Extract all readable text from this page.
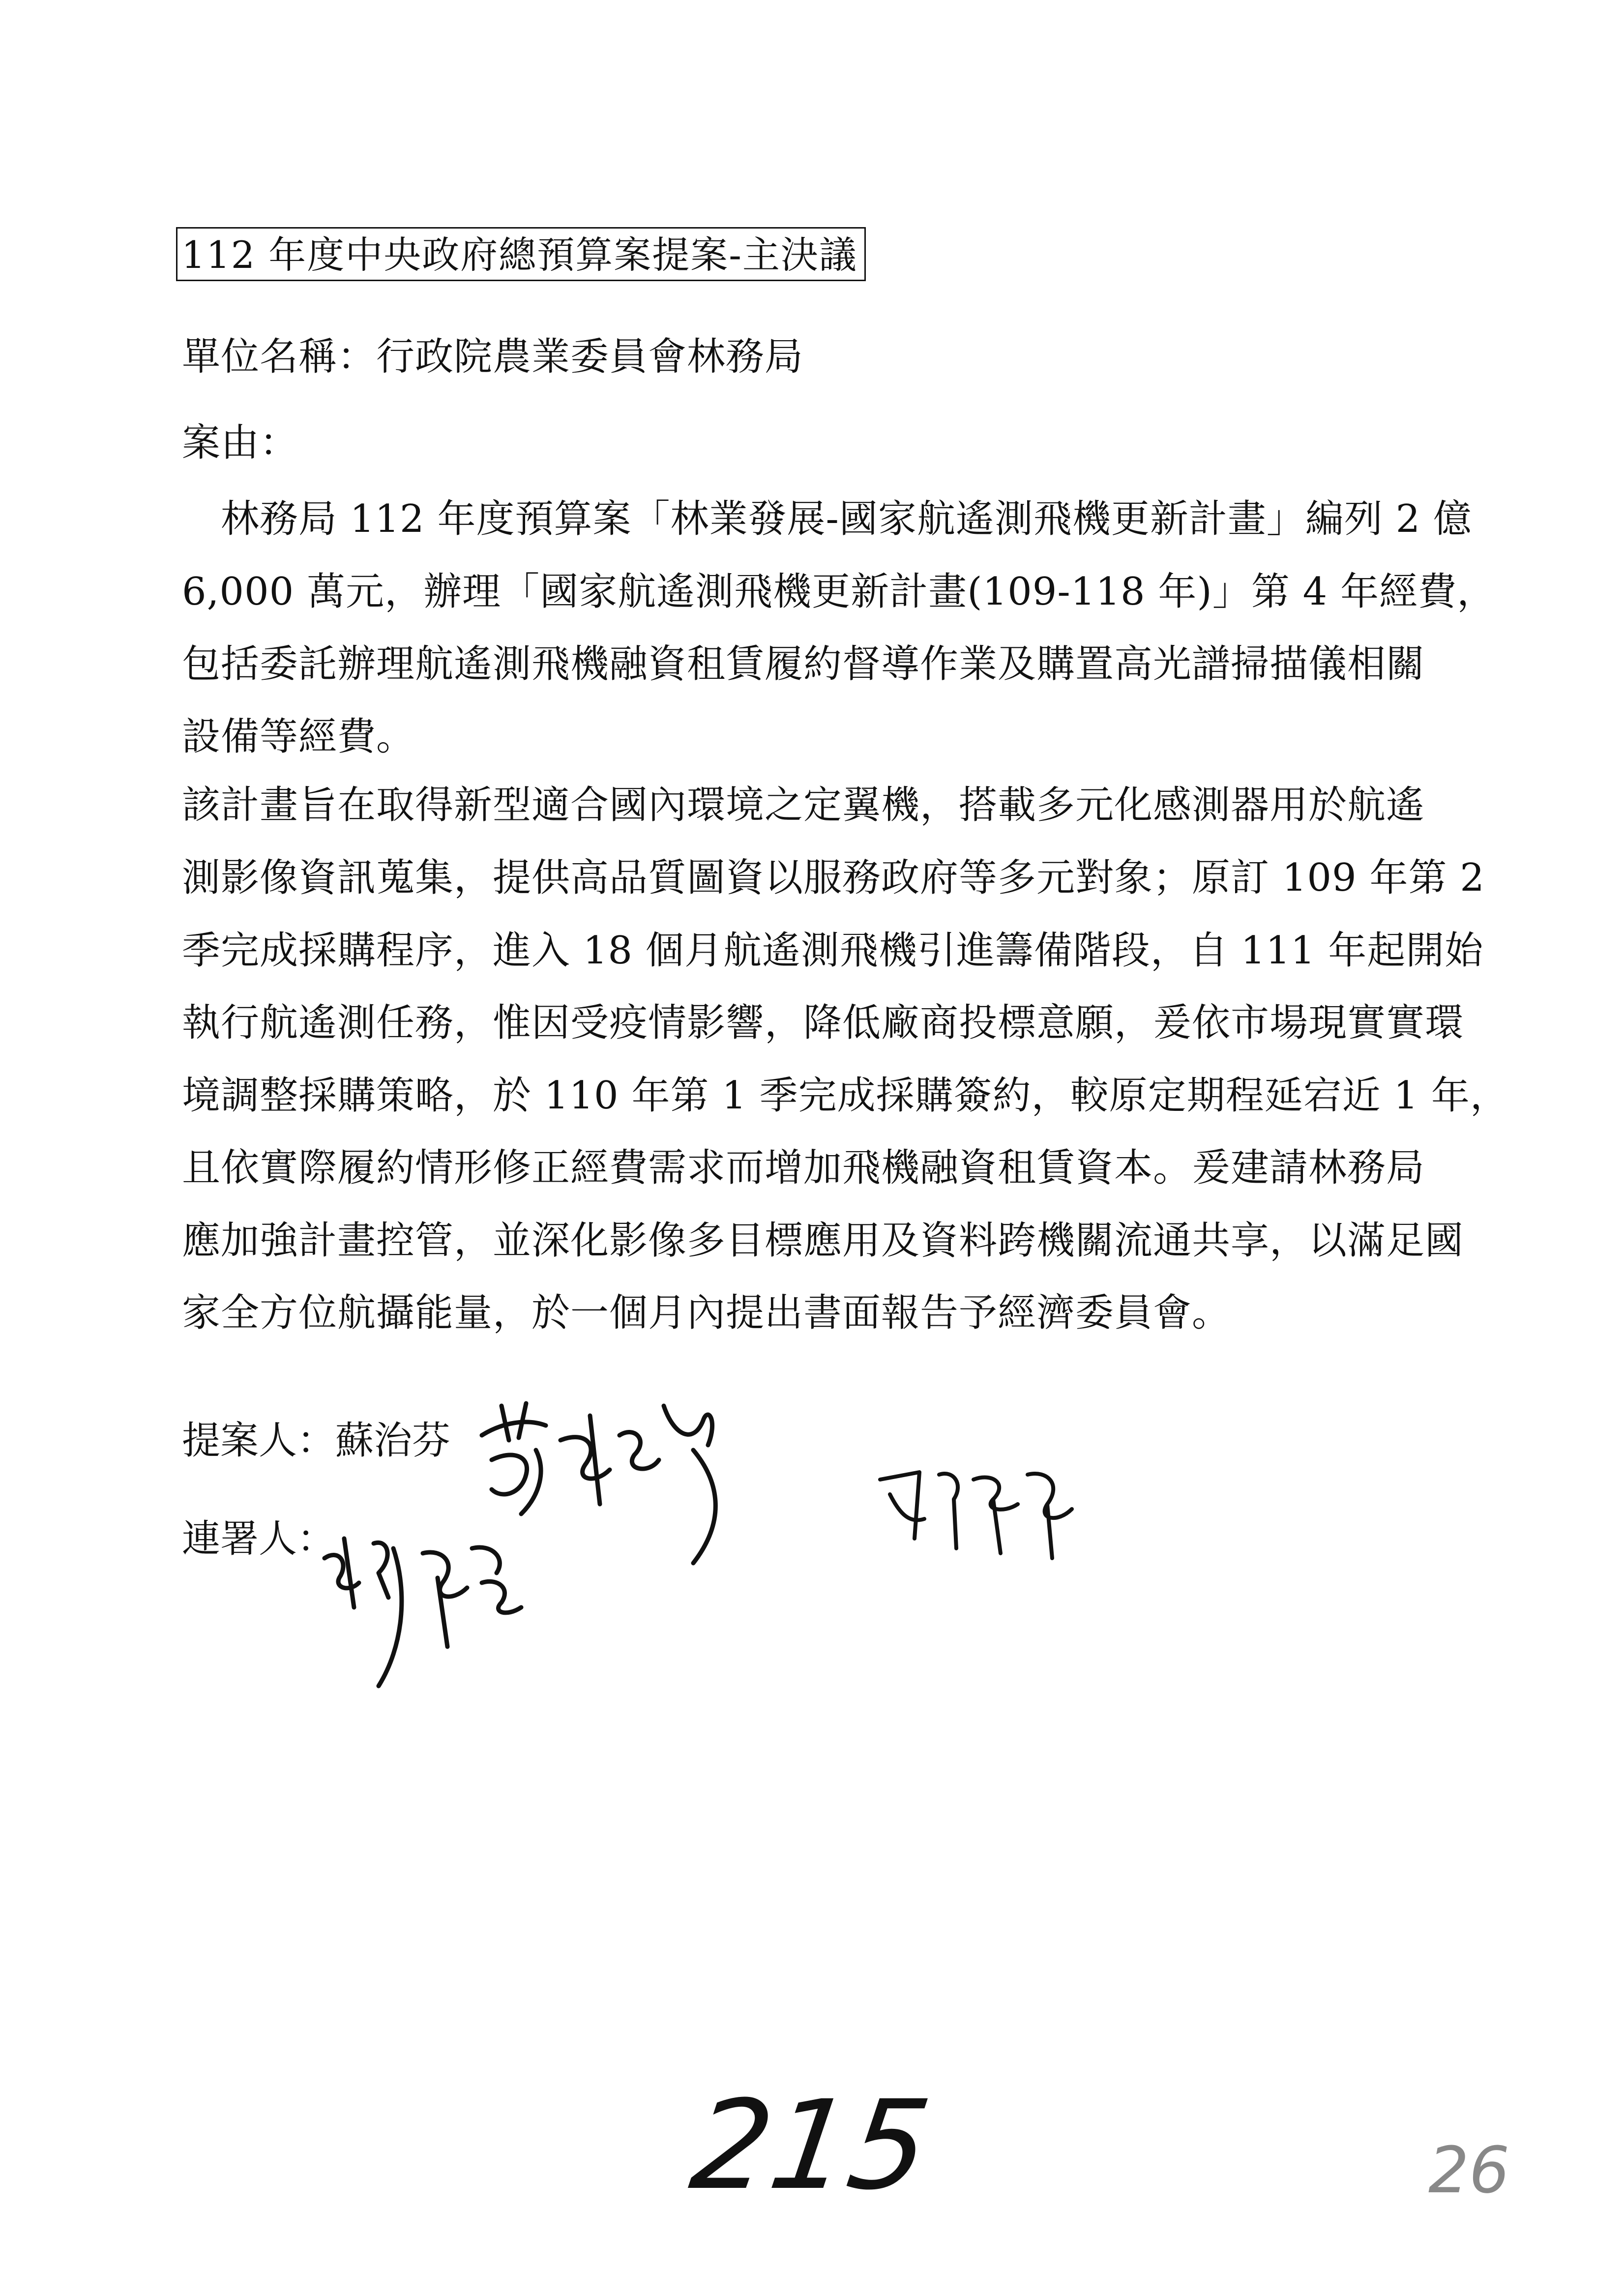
112 年度中央政府總預算案提案-主決議
單位名稱：行政院農業委員會林務局
案由：
　林務局 112 年度預算案「林業發展-國家航遙測飛機更新計畫」編列 2 億
6,000 萬元，辦理「國家航遙測飛機更新計畫(109-118 年)」第 4 年經費，
包括委託辦理航遙測飛機融資租賃履約督導作業及購置高光譜掃描儀相關
設備等經費。
該計畫旨在取得新型適合國內環境之定翼機，搭載多元化感測器用於航遙
測影像資訊蒐集，提供高品質圖資以服務政府等多元對象；原訂 109 年第 2
季完成採購程序，進入 18 個月航遙測飛機引進籌備階段，自 111 年起開始
執行航遙測任務，惟因受疫情影響，降低廠商投標意願，爰依市場現實實環
境調整採購策略，於 110 年第 1 季完成採購簽約，較原定期程延宕近 1 年，
且依實際履約情形修正經費需求而增加飛機融資租賃資本。爰建請林務局
應加強計畫控管，並深化影像多目標應用及資料跨機關流通共享，以滿足國
家全方位航攝能量，於一個月內提出書面報告予經濟委員會。
提案人：蘇治芬
連署人：
215	26
